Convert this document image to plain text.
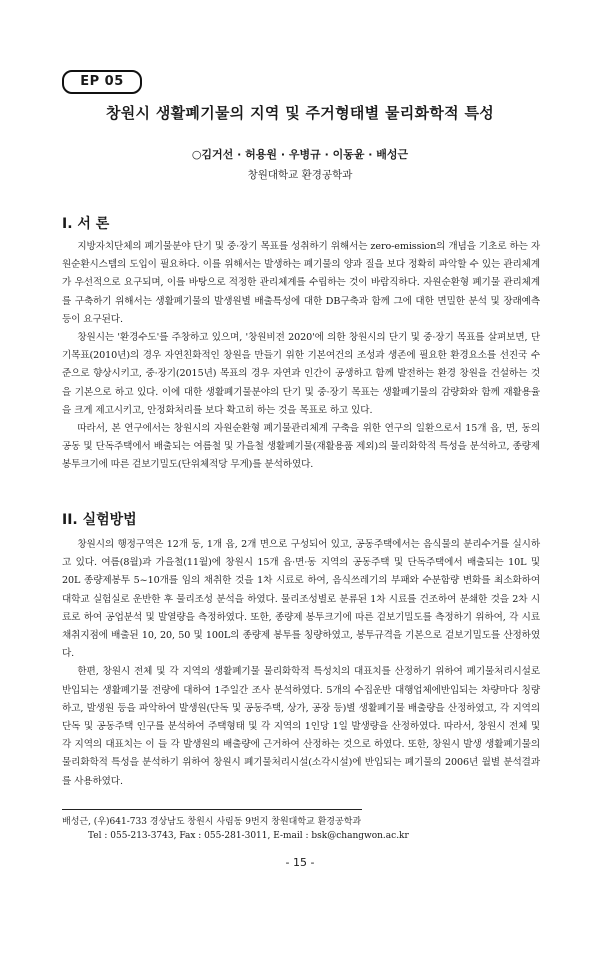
EP 05
창원시 생활폐기물의 지역 및 주거형태별 물리화학적 특성
○김거선 · 허용원 · 우병규 · 이동윤 · 배성근
창원대학교 환경공학과
I. 서 론

지방자치단체의 폐기물분야 단기 및 중·장기 목표를 성취하기 위해서는 zero-emission의 개념을 기초로 하는 자원순환시스템의 도입이 필요하다. 이를 위해서는 발생하는 폐기물의 양과 질을 보다 정확히 파악할 수 있는 관리체계가 우선적으로 요구되며, 이를 바탕으로 적정한 관리체계를 수립하는 것이 바람직하다. 자원순환형 폐기물 관리체계를 구축하기 위해서는 생활폐기물의 발생원별 배출특성에 대한 DB구축과 함께 그에 대한 면밀한 분석 및 장래예측 등이 요구된다.

창원시는 '환경수도'를 주창하고 있으며, '창원비전 2020'에 의한 창원시의 단기 및 중·장기 목표를 살펴보면, 단기목표(2010년)의 경우 자연친화적인 창원을 만들기 위한 기본여건의 조성과 생존에 필요한 환경요소를 선진국 수준으로 향상시키고, 중·장기(2015년) 목표의 경우 자연과 인간이 공생하고 함께 발전하는 환경 창원을 건설하는 것을 기본으로 하고 있다. 이에 대한 생활폐기물분야의 단기 및 중·장기 목표는 생활폐기물의 감량화와 함께 재활용율을 크게 제고시키고, 안정화처리를 보다 확고히 하는 것을 목표로 하고 있다.

따라서, 본 연구에서는 창원시의 자원순환형 폐기물관리체계 구축을 위한 연구의 일환으로서 15개 읍, 면, 동의 공동 및 단독주택에서 배출되는 여름철 및 가을철 생활폐기물(재활용품 제외)의 물리화학적 특성을 분석하고, 종량제 봉투크기에 따른 겉보기밀도(단위체적당 무게)를 분석하였다.

II. 실험방법

창원시의 행정구역은 12개 동, 1개 읍, 2개 면으로 구성되어 있고, 공동주택에서는 음식물의 분리수거를 실시하고 있다. 여름(8월)과 가을철(11월)에 창원시 15개 읍·면·동 지역의 공동주택 및 단독주택에서 배출되는 10L 및 20L 종량제봉투 5~10개를 임의 채취한 것을 1차 시료로 하여, 음식쓰레기의 부패와 수분함량 변화를 최소화하여 대학교 실험실로 운반한 후 물리조성 분석을 하였다. 물리조성별로 분류된 1차 시료를 건조하여 분쇄한 것을 2차 시료로 하여 공업분석 및 발열량을 측정하였다. 또한, 종량제 봉투크기에 따른 겉보기밀도를 측정하기 위하여, 각 시료채취지점에 배출된 10, 20, 50 및 100L의 종량제 봉투를 칭량하였고, 봉투규격을 기본으로 겉보기밀도를 산정하였다.

한편, 창원시 전체 및 각 지역의 생활폐기물 물리화학적 특성치의 대표치를 산정하기 위하여 폐기물처리시설로 반입되는 생활폐기물 전량에 대하여 1주일간 조사 분석하였다. 5개의 수집운반 대행업체에반입되는 차량마다 칭량하고, 발생원 등을 파악하여 발생원(단독 및 공동주택, 상가, 공장 등)별 생활폐기물 배출량을 산정하였고, 각 지역의 단독 및 공동주택 인구를 분석하여 주택형태 및 각 지역의 1인당 1일 발생량을 산정하였다. 따라서, 창원시 전체 및 각 지역의 대표치는 이 들 각 발생원의 배출량에 근거하여 산정하는 것으로 하였다. 또한, 창원시 발생 생활폐기물의 물리화학적 특성을 분석하기 위하여 창원시 폐기물처리시설(소각시설)에 반입되는 폐기물의 2006년 월별 분석결과를 사용하였다.

배성근, (우)641-733 경상남도 창원시 사림동 9번지 창원대학교 환경공학과
Tel : 055-213-3743, Fax : 055-281-3011, E-mail : bsk@changwon.ac.kr
- 15 -
